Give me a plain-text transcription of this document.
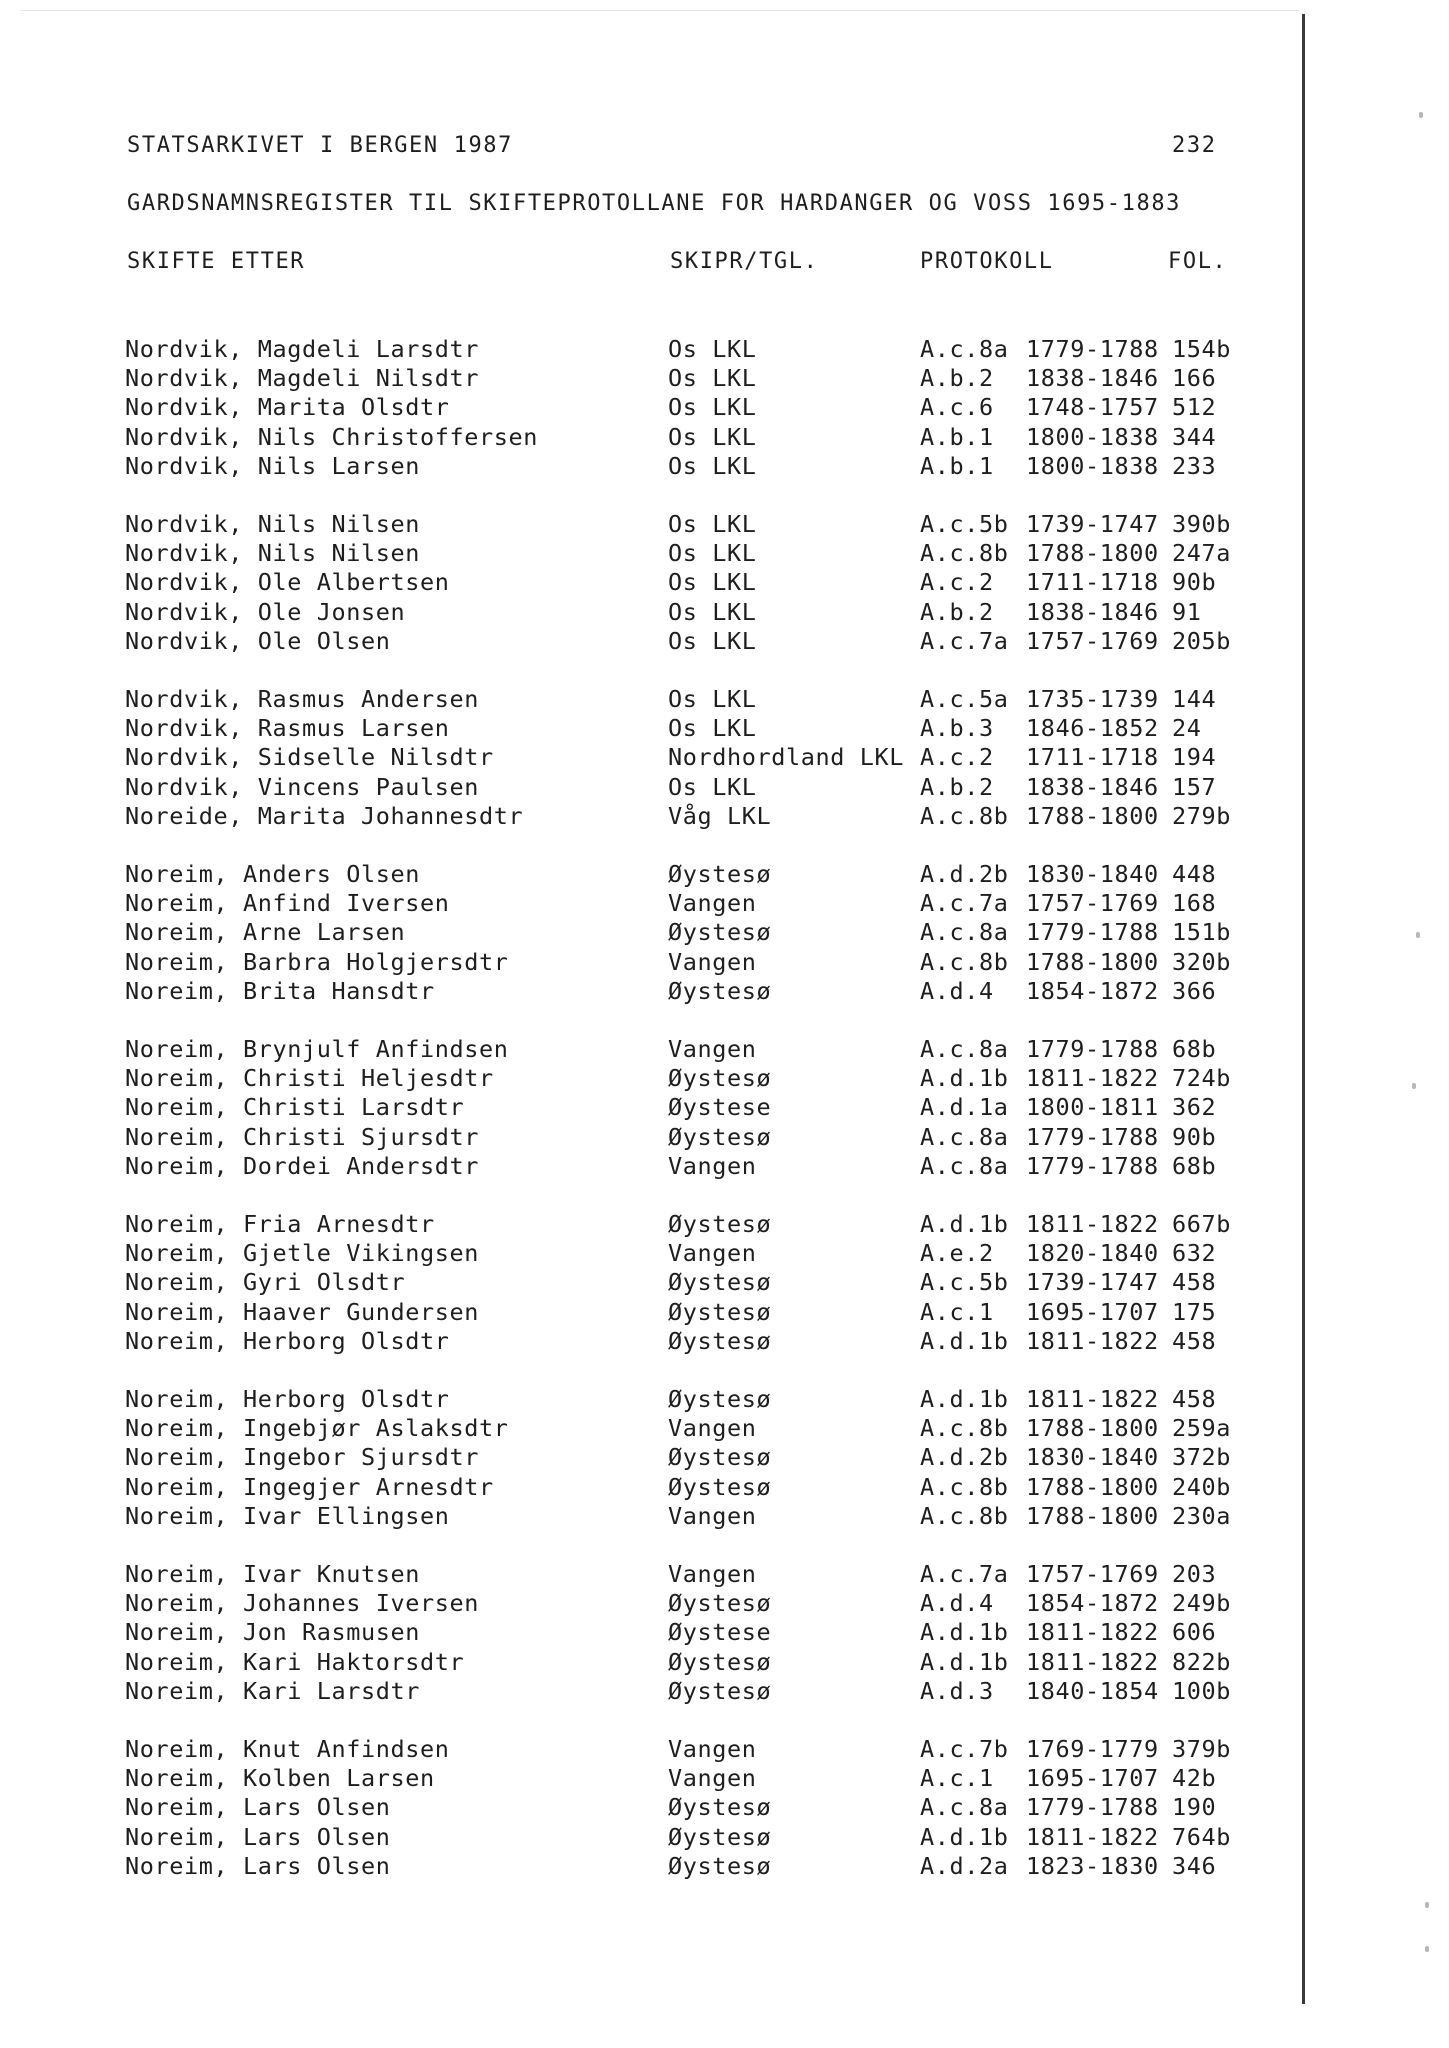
STATSARKIVET I BERGEN 1987	232
GARDSNAMNSREGISTER TIL SKIFTEPROTOLLANE FOR HARDANGER OG VOSS 1695-1883
SKIFTE ETTER	SKIPR/TGL.	PROTOKOLL	FOL.
Nordvik, Magdeli Larsdtr	Os LKL	A.c.8a 1779-1788 154b
Nordvik, Magdeli Nilsdtr	Os LKL	A.b.2 1838-1846 166
Nordvik, Marita Olsdtr	Os LKL	A.c.6 1748-1757 512
Nordvik, Nils Christoffersen	Os LKL	A.b.1 1800-1838 344
Nordvik, Nils Larsen	Os LKL	A.b.1 1800-1838 233
Nordvik, Nils Nilsen	Os LKL	A.c.5b 1739-1747 390b
Nordvik, Nils Nilsen	Os LKL	A.c.8b 1788-1800 247a
Nordvik, Ole Albertsen	Os LKL	A.c.2 1711-1718 90b
Nordvik, Ole Jonsen	Os LKL	A.b.2 1838-1846 91
Nordvik, Ole Olsen	Os LKL	A.c.7a 1757-1769 205b
Nordvik, Rasmus Andersen	Os LKL	A.c.5a 1735-1739 144
Nordvik, Rasmus Larsen	Os LKL	A.b.3 1846-1852 24
Nordvik, Sidselle Nilsdtr	Nordhordland LKL A.c.2 1711-1718 194
Nordvik, Vincens Paulsen	Os LKL	A.b.2 1838-1846 157
Noreide, Marita Johannesdtr	Våg LKL	A.c.8b 1788-1800 279b
Noreim, Anders Olsen	Øystesø	A.d.2b 1830-1840 448
Noreim, Anfind Iversen	Vangen	A.c.7a 1757-1769 168
Noreim, Arne Larsen	Øystesø	A.c.8a 1779-1788 151b
Noreim, Barbra Holgjersdtr	Vangen	A.c.8b 1788-1800 320b
Noreim, Brita Hansdtr	Øystesø	A.d.4 1854-1872 366
Noreim, Brynjulf Anfindsen	Vangen	A.c.8a 1779-1788 68b
Noreim, Christi Heljesdtr	Øystesø	A.d.1b 1811-1822 724b
Noreim, Christi Larsdtr	Øystese	A.d.1a 1800-1811 362
Noreim, Christi Sjursdtr	Øystesø	A.c.8a 1779-1788 90b
Noreim, Dordei Andersdtr	Vangen	A.c.8a 1779-1788 68b
Noreim, Fria Arnesdtr	Øystesø	A.d.1b 1811-1822 667b
Noreim, Gjetle Vikingsen	Vangen	A.e.2 1820-1840 632
Noreim, Gyri Olsdtr	Øystesø	A.c.5b 1739-1747 458
Noreim, Haaver Gundersen	Øystesø	A.c.1 1695-1707 175
Noreim, Herborg Olsdtr	Øystesø	A.d.1b 1811-1822 458
Noreim, Herborg Olsdtr	Øystesø	A.d.1b 1811-1822 458
Noreim, Ingebjør Aslaksdtr	Vangen	A.c.8b 1788-1800 259a
Noreim, Ingebor Sjursdtr	Øystesø	A.d.2b 1830-1840 372b
Noreim, Ingegjer Arnesdtr	Øystesø	A.c.8b 1788-1800 240b
Noreim, Ivar Ellingsen	Vangen	A.c.8b 1788-1800 230a
Noreim, Ivar Knutsen	Vangen	A.c.7a 1757-1769 203
Noreim, Johannes Iversen	Øystesø	A.d.4 1854-1872 249b
Noreim, Jon Rasmusen	Øystese	A.d.1b 1811-1822 606
Noreim, Kari Haktorsdtr	Øystesø	A.d.1b 1811-1822 822b
Noreim, Kari Larsdtr	Øystesø	A.d.3 1840-1854 100b
Noreim, Knut Anfindsen	Vangen	A.c.7b 1769-1779 379b
Noreim, Kolben Larsen	Vangen	A.c.1 1695-1707 42b
Noreim, Lars Olsen	Øystesø	A.c.8a 1779-1788 190
Noreim, Lars Olsen	Øystesø	A.d.1b 1811-1822 764b
Noreim, Lars Olsen	Øystesø	A.d.2a 1823-1830 346
